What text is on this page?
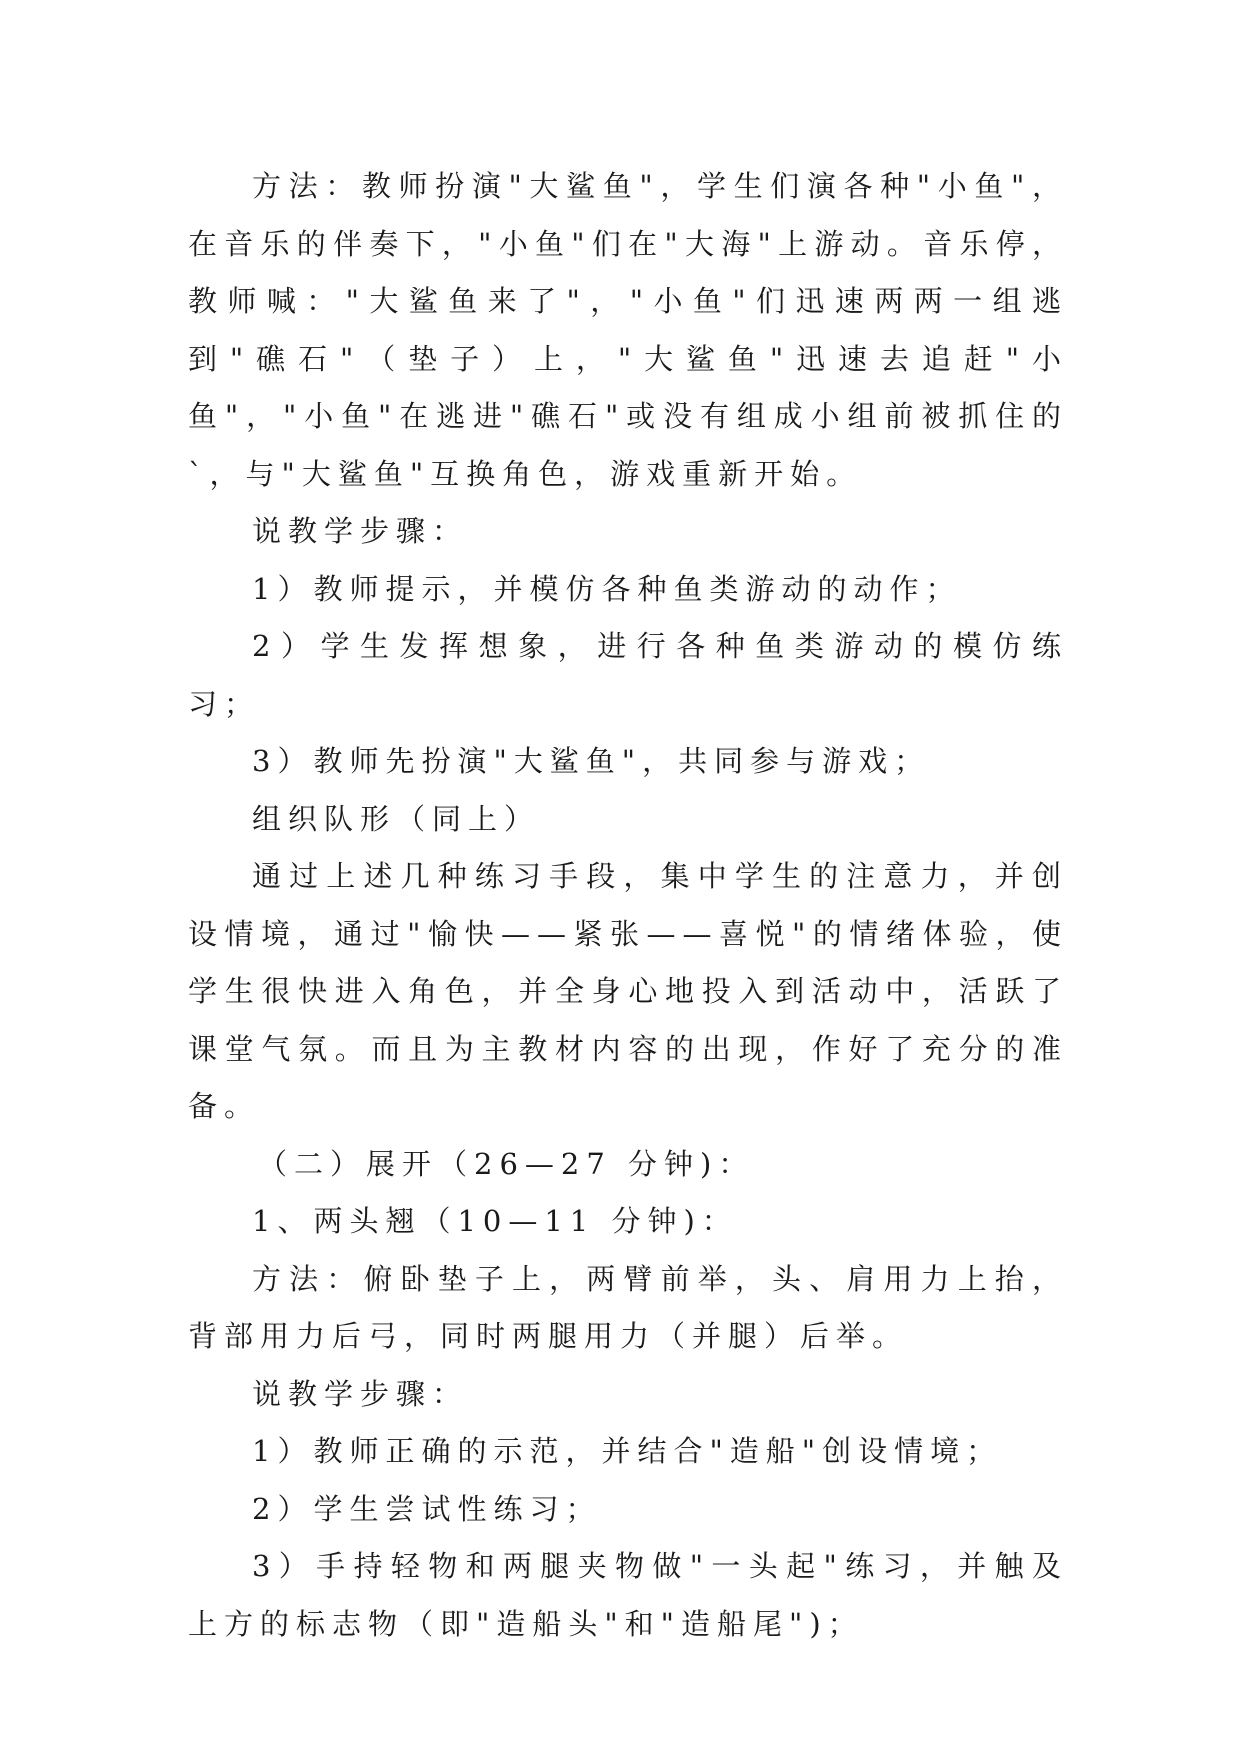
方法：教师扮演"大鲨鱼"，学生们演各种"小鱼"，在音乐的伴奏下，"小鱼"们在"大海"上游动。音乐停，教师喊："大鲨鱼来了"，"小鱼"们迅速两两一组逃到"礁石"（垫子）上，"大鲨鱼"迅速去追赶"小鱼"，"小鱼"在逃进"礁石"或没有组成小组前被抓住的`，与"大鲨鱼"互换角色，游戏重新开始。

说教学步骤：

1）教师提示，并模仿各种鱼类游动的动作；

2）学生发挥想象，进行各种鱼类游动的模仿练习；

3）教师先扮演"大鲨鱼"，共同参与游戏；

组织队形（同上）

通过上述几种练习手段，集中学生的注意力，并创设情境，通过"愉快——紧张——喜悦"的情绪体验，使学生很快进入角色，并全身心地投入到活动中，活跃了课堂气氛。而且为主教材内容的出现，作好了充分的准备。

（二）展开（26—27 分钟)：

1、两头翘（10—11 分钟)：

方法：俯卧垫子上，两臂前举，头、肩用力上抬，背部用力后弓，同时两腿用力（并腿）后举。

说教学步骤：

1）教师正确的示范，并结合"造船"创设情境；

2）学生尝试性练习；

3）手持轻物和两腿夹物做"一头起"练习，并触及上方的标志物（即"造船头"和"造船尾")；
